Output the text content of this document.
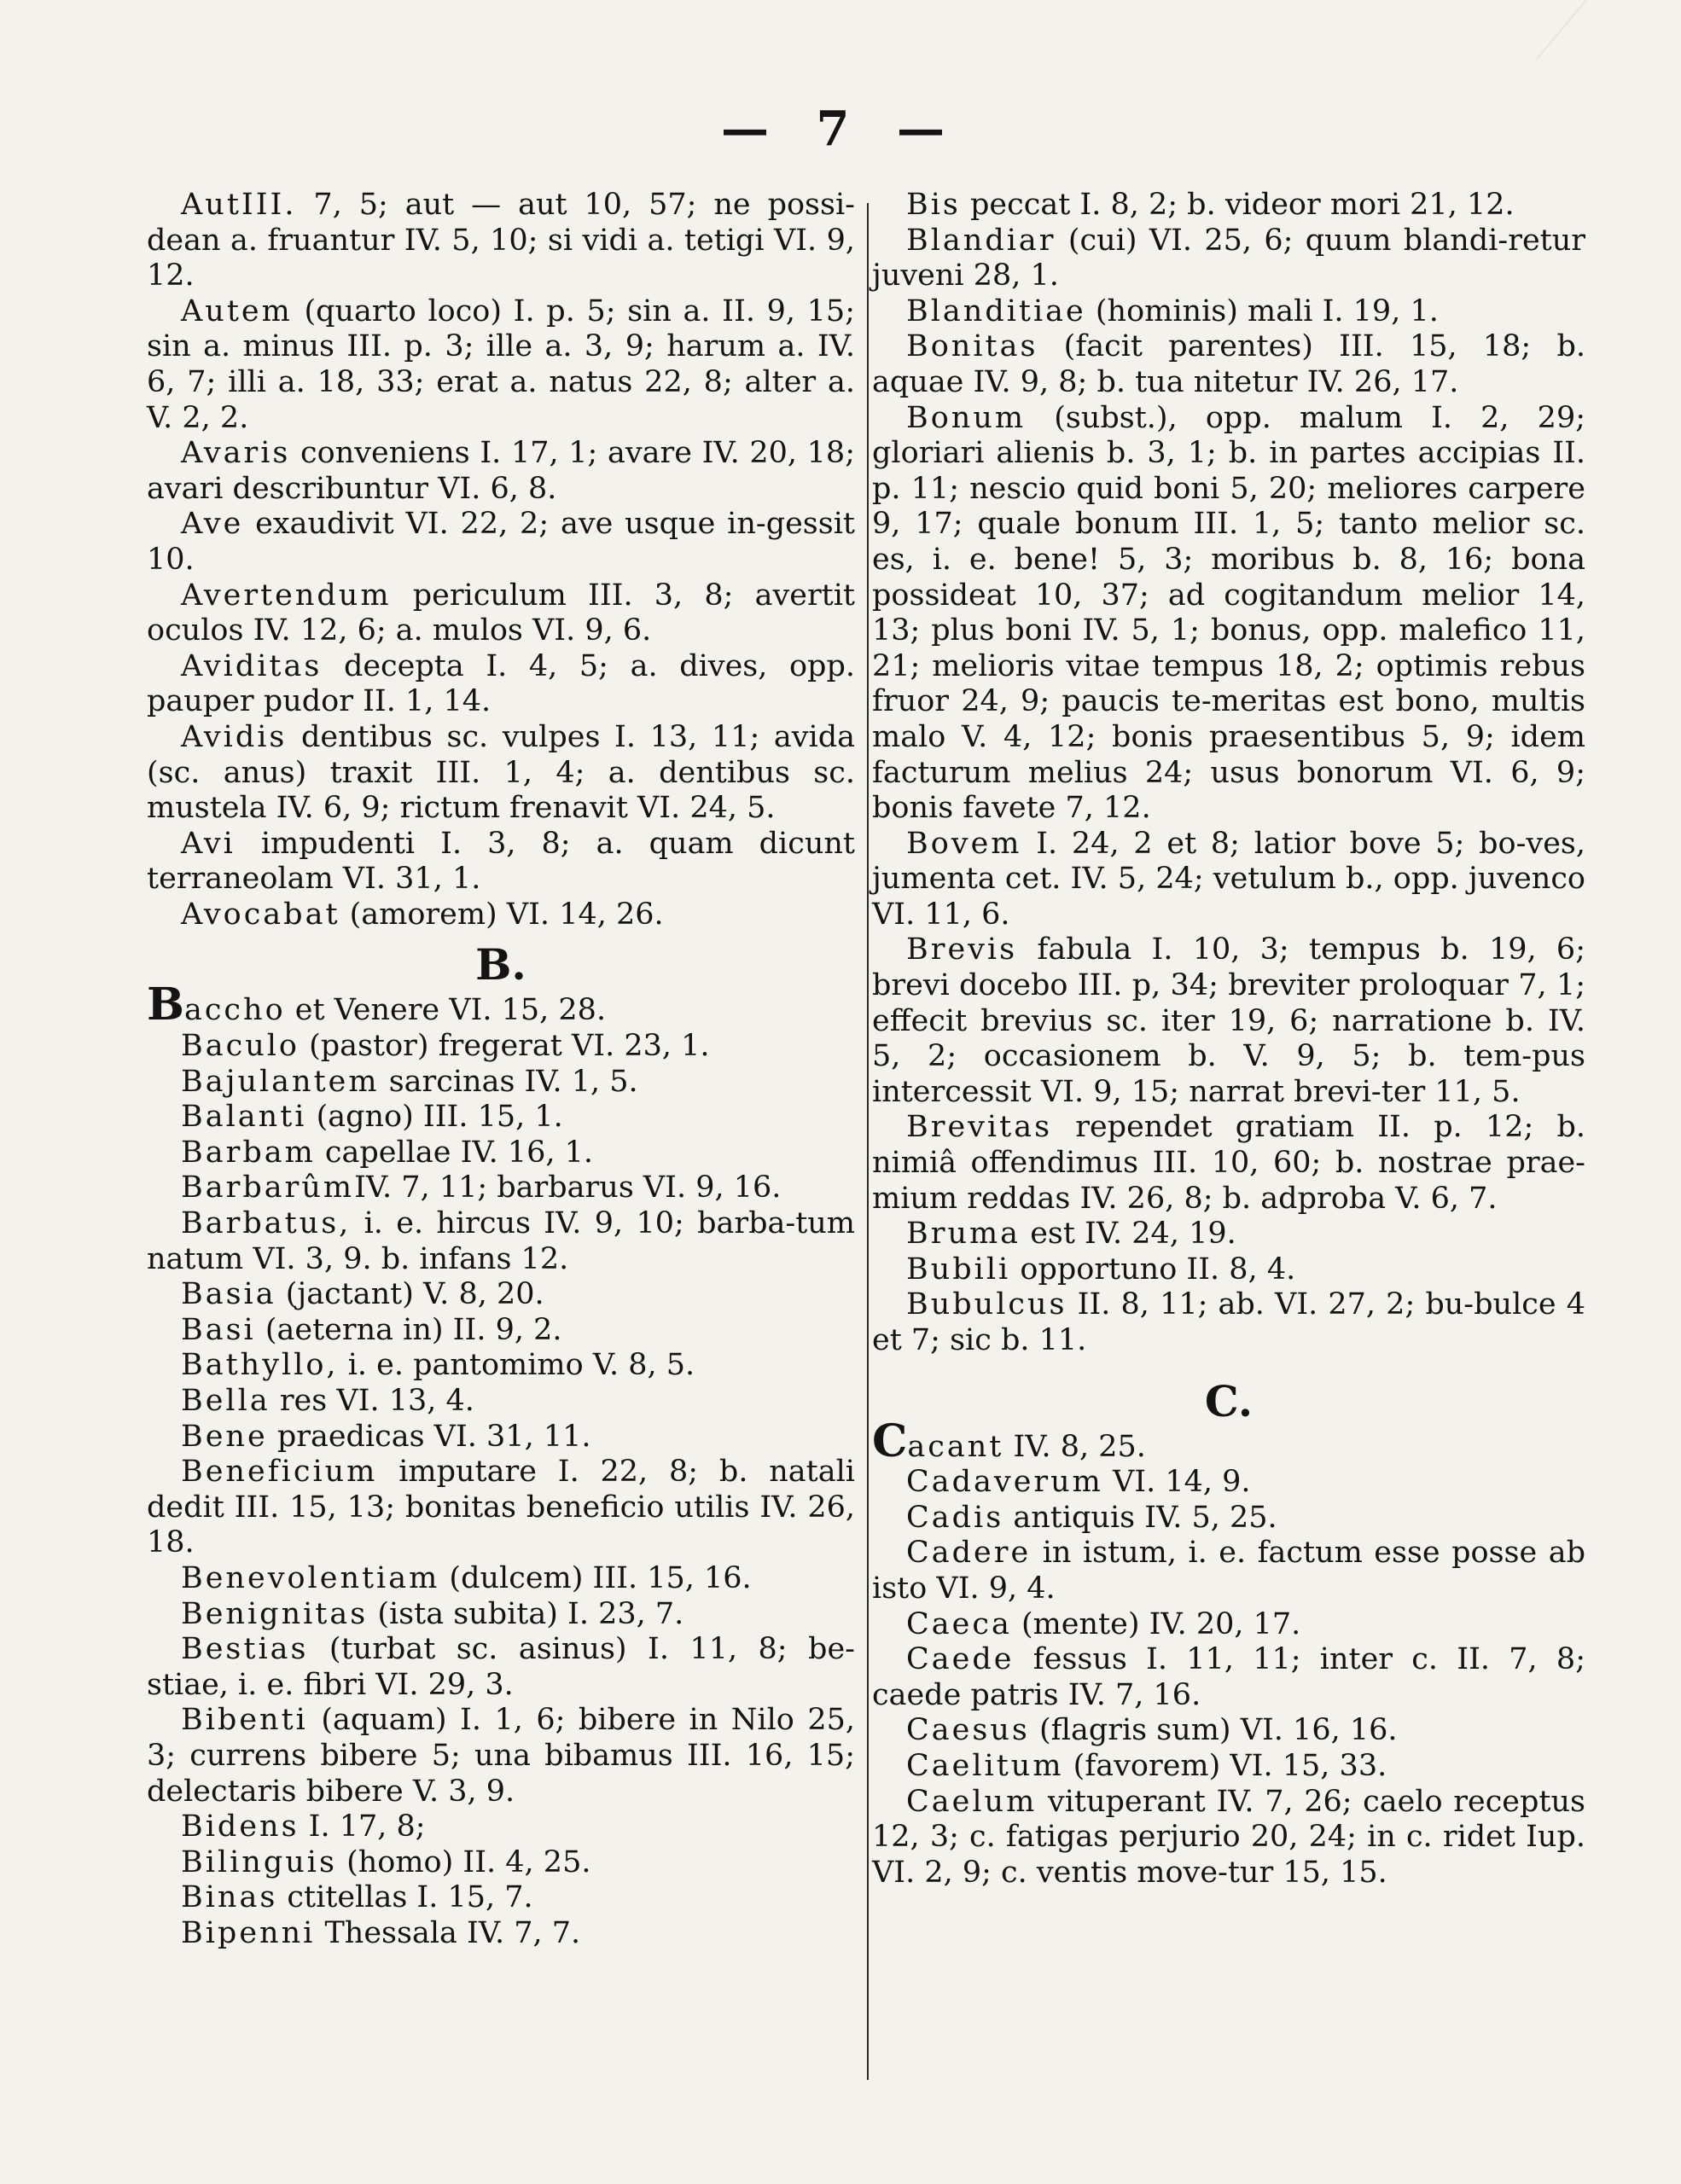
— 7 —

AutIII. 7, 5; aut — aut 10, 57; ne possi-dean a. fruantur IV. 5, 10; si vidi a. tetigi VI. 9, 12.

Autem (quarto loco) I. p. 5; sin a. II. 9, 15; sin a. minus III. p. 3; ille a. 3, 9; harum a. IV. 6, 7; illi a. 18, 33; erat a. natus 22, 8; alter a. V. 2, 2.

Avaris conveniens I. 17, 1; avare IV. 20, 18; avari describuntur VI. 6, 8.

Ave exaudivit VI. 22, 2; ave usque in-gessit 10.

Avertendum periculum III. 3, 8; avertit oculos IV. 12, 6; a. mulos VI. 9, 6.

Aviditas decepta I. 4, 5; a. dives, opp. pauper pudor II. 1, 14.

Avidis dentibus sc. vulpes I. 13, 11; avida (sc. anus) traxit III. 1, 4; a. dentibus sc. mustela IV. 6, 9; rictum frenavit VI. 24, 5.

Avi impudenti I. 3, 8; a. quam dicunt terraneolam VI. 31, 1.

Avocabat (amorem) VI. 14, 26.

B.

Baccho et Venere VI. 15, 28.

Baculo (pastor) fregerat VI. 23, 1.

Bajulantem sarcinas IV. 1, 5.

Balanti (agno) III. 15, 1.

Barbam capellae IV. 16, 1.

BarbarûmIV. 7, 11; barbarus VI. 9, 16.

Barbatus, i. e. hircus IV. 9, 10; barba-tum natum VI. 3, 9. b. infans 12.

Basia (jactant) V. 8, 20.

Basi (aeterna in) II. 9, 2.

Bathyllo, i. e. pantomimo V. 8, 5.

Bella res VI. 13, 4.

Bene praedicas VI. 31, 11.

Beneficium imputare I. 22, 8; b. natali dedit III. 15, 13; bonitas beneficio utilis IV. 26, 18.

Benevolentiam (dulcem) III. 15, 16.

Benignitas (ista subita) I. 23, 7.

Bestias (turbat sc. asinus) I. 11, 8; be-stiae, i. e. fibri VI. 29, 3.

Bibenti (aquam) I. 1, 6; bibere in Nilo 25, 3; currens bibere 5; una bibamus III. 16, 15; delectaris bibere V. 3, 9.

Bidens I. 17, 8;

Bilinguis (homo) II. 4, 25.

Binas ctitellas I. 15, 7.

Bipenni Thessala IV. 7, 7.

Bis peccat I. 8, 2; b. videor mori 21, 12.

Blandiar (cui) VI. 25, 6; quum blandi-retur juveni 28, 1.

Blanditiae (hominis) mali I. 19, 1.

Bonitas (facit parentes) III. 15, 18; b. aquae IV. 9, 8; b. tua nitetur IV. 26, 17.

Bonum (subst.), opp. malum I. 2, 29; gloriari alienis b. 3, 1; b. in partes accipias II. p. 11; nescio quid boni 5, 20; meliores carpere 9, 17; quale bonum III. 1, 5; tanto melior sc. es, i. e. bene! 5, 3; moribus b. 8, 16; bona possideat 10, 37; ad cogitandum melior 14, 13; plus boni IV. 5, 1; bonus, opp. malefico 11, 21; melioris vitae tempus 18, 2; optimis rebus fruor 24, 9; paucis te-meritas est bono, multis malo V. 4, 12; bonis praesentibus 5, 9; idem facturum melius 24; usus bonorum VI. 6, 9; bonis favete 7, 12.

Bovem I. 24, 2 et 8; latior bove 5; bo-ves, jumenta cet. IV. 5, 24; vetulum b., opp. juvenco VI. 11, 6.

Brevis fabula I. 10, 3; tempus b. 19, 6; brevi docebo III. p, 34; breviter proloquar 7, 1; effecit brevius sc. iter 19, 6; narratione b. IV. 5, 2; occasionem b. V. 9, 5; b. tem-pus intercessit VI. 9, 15; narrat brevi-ter 11, 5.

Brevitas rependet gratiam II. p. 12; b. nimiâ offendimus III. 10, 60; b. nostrae prae-mium reddas IV. 26, 8; b. adproba V. 6, 7.

Bruma est IV. 24, 19.

Bubili opportuno II. 8, 4.

Bubulcus II. 8, 11; ab. VI. 27, 2; bu-bulce 4 et 7; sic b. 11.

C.

Cacant IV. 8, 25.

Cadaverum VI. 14, 9.

Cadis antiquis IV. 5, 25.

Cadere in istum, i. e. factum esse posse ab isto VI. 9, 4.

Caeca (mente) IV. 20, 17.

Caede fessus I. 11, 11; inter c. II. 7, 8; caede patris IV. 7, 16.

Caesus (flagris sum) VI. 16, 16.

Caelitum (favorem) VI. 15, 33.

Caelum vituperant IV. 7, 26; caelo receptus 12, 3; c. fatigas perjurio 20, 24; in c. ridet Iup. VI. 2, 9; c. ventis move-tur 15, 15.
